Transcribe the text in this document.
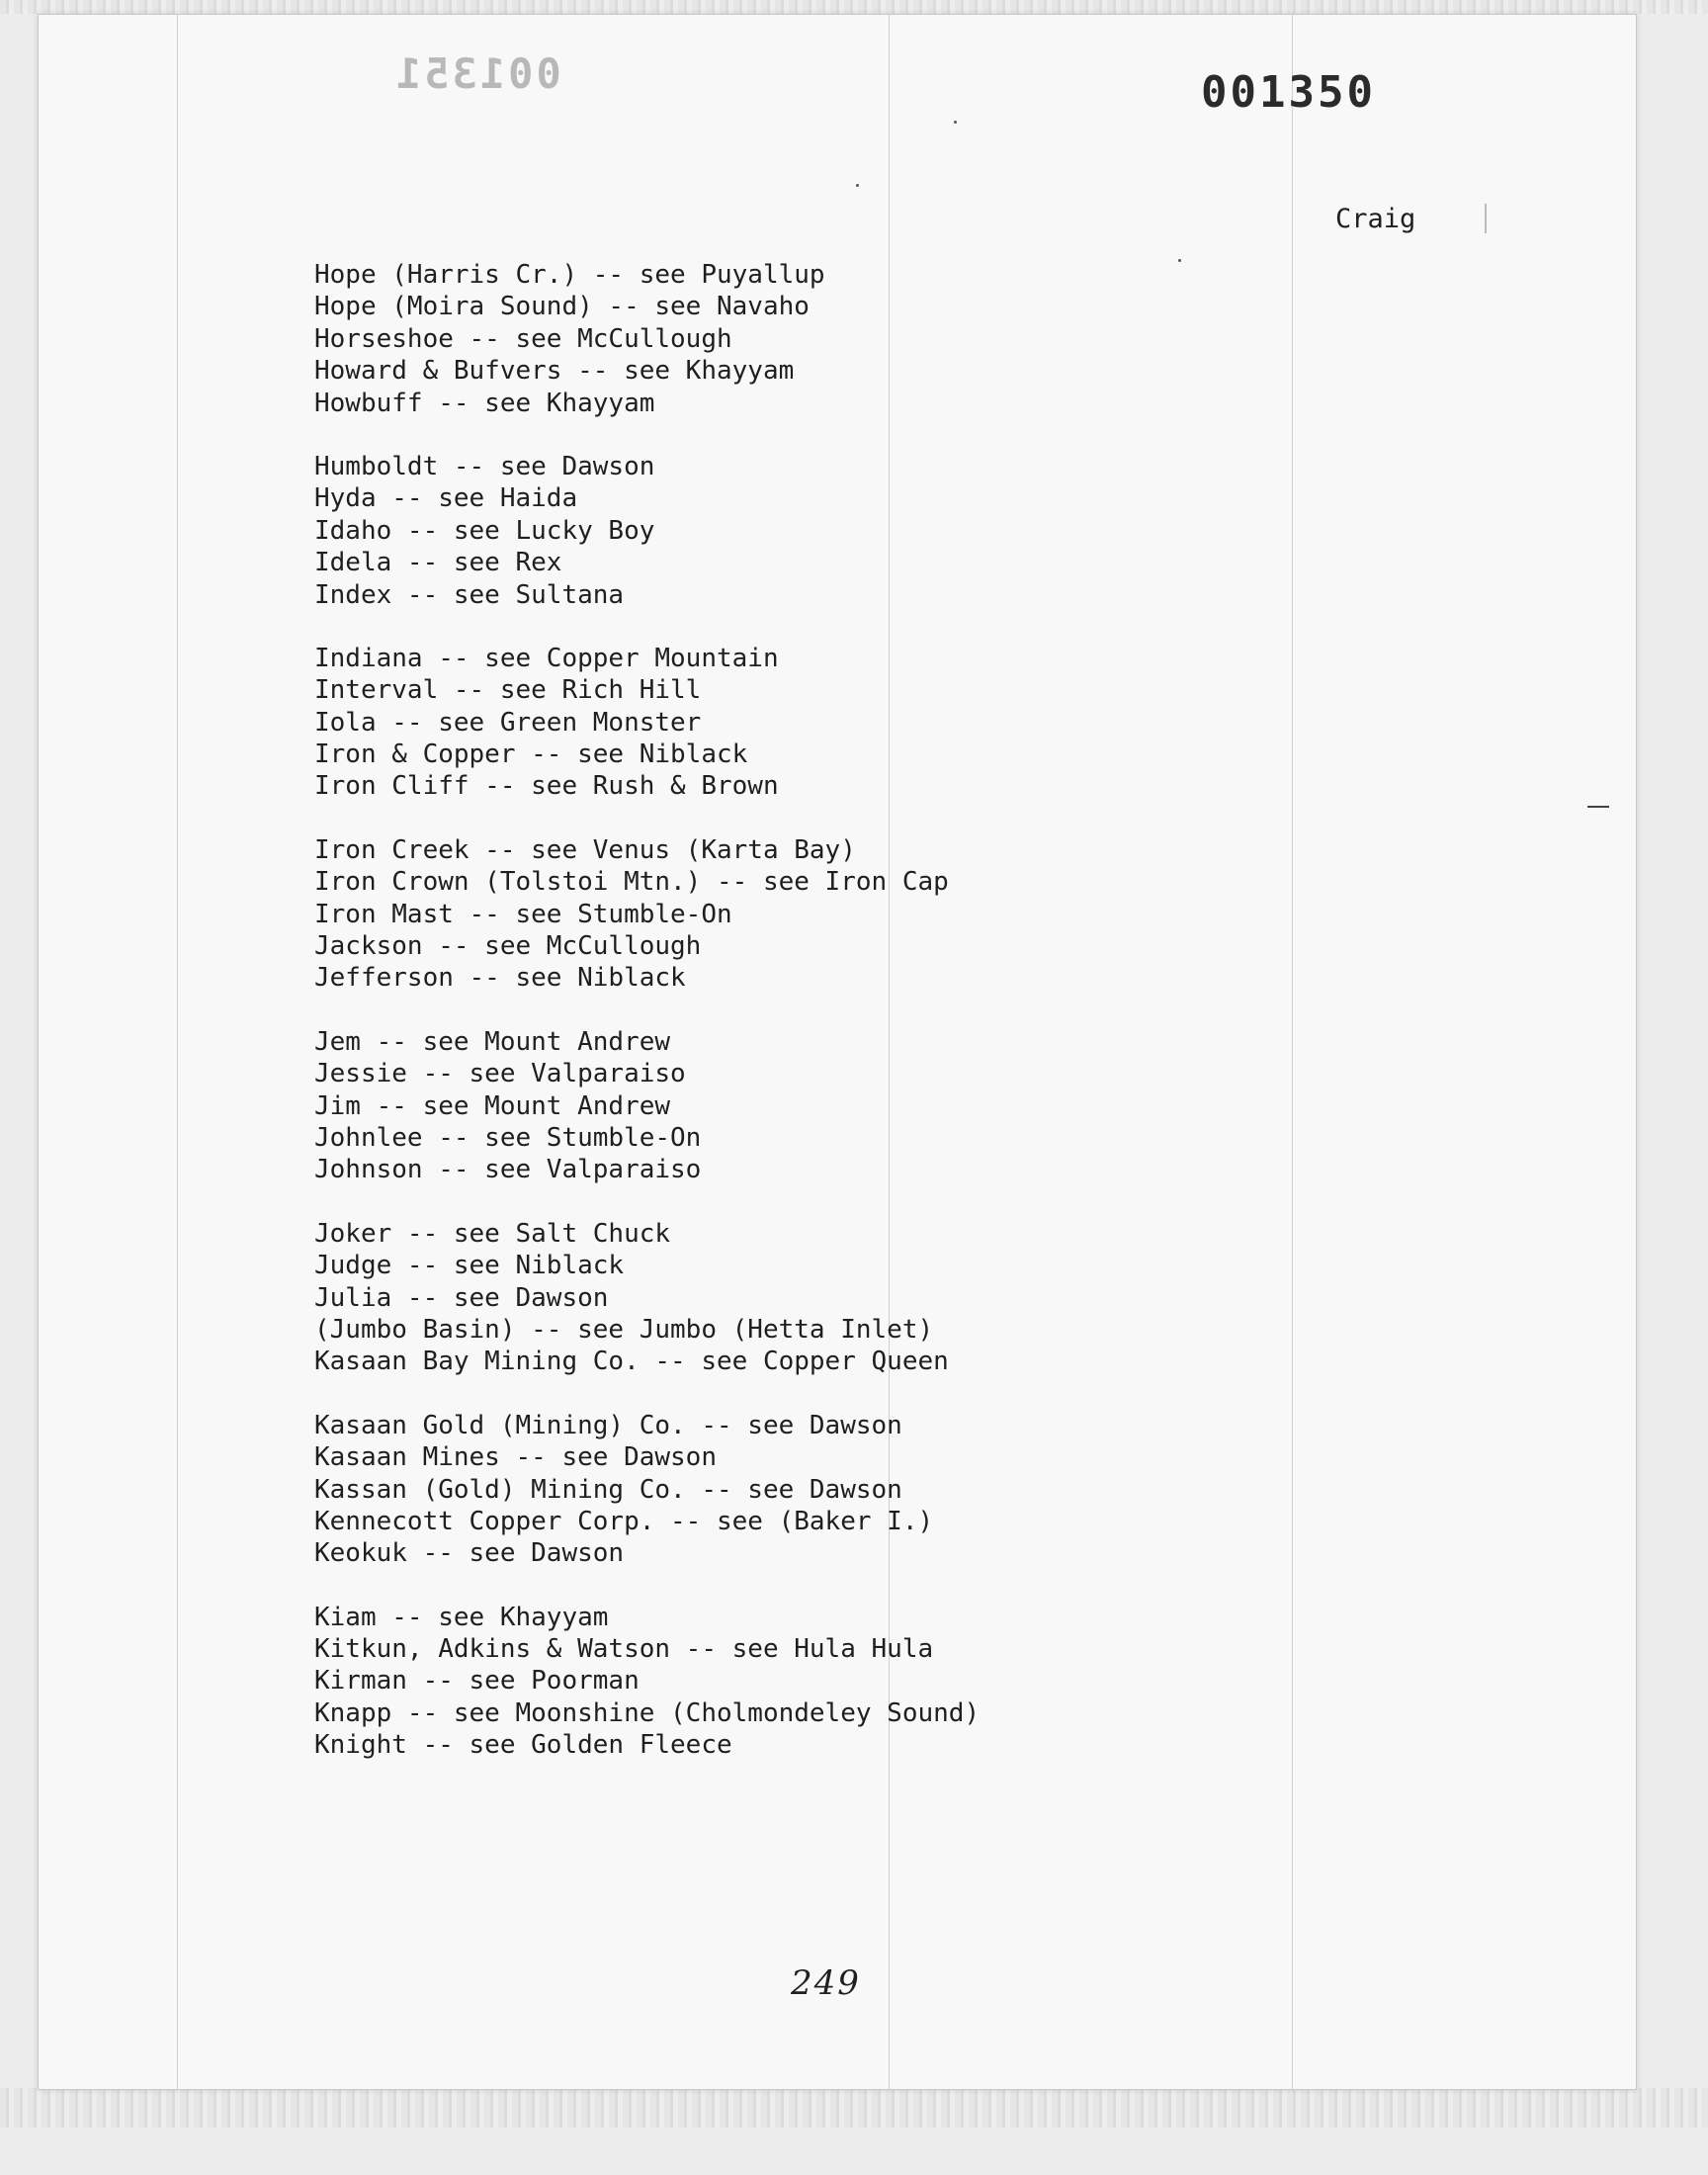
001351	001350
Craig
Hope (Harris Cr.) -- see Puyallup
Hope (Moira Sound) -- see Navaho
Horseshoe -- see McCullough
Howard & Bufvers -- see Khayyam
Howbuff -- see Khayyam
Humboldt -- see Dawson
Hyda -- see Haida
Idaho -- see Lucky Boy
Idela -- see Rex
Index -- see Sultana
Indiana -- see Copper Mountain
Interval -- see Rich Hill
Iola -- see Green Monster
Iron & Copper -- see Niblack
Iron Cliff -- see Rush & Brown
Iron Creek -- see Venus (Karta Bay)
Iron Crown (Tolstoi Mtn.) -- see Iron Cap
Iron Mast -- see Stumble-On
Jackson -- see McCullough
Jefferson -- see Niblack
Jem -- see Mount Andrew
Jessie -- see Valparaiso
Jim -- see Mount Andrew
Johnlee -- see Stumble-On
Johnson -- see Valparaiso
Joker -- see Salt Chuck
Judge -- see Niblack
Julia -- see Dawson
(Jumbo Basin) -- see Jumbo (Hetta Inlet)
Kasaan Bay Mining Co. -- see Copper Queen
Kasaan Gold (Mining) Co. -- see Dawson
Kasaan Mines -- see Dawson
Kassan (Gold) Mining Co. -- see Dawson
Kennecott Copper Corp. -- see (Baker I.)
Keokuk -- see Dawson
Kiam -- see Khayyam
Kitkun, Adkins & Watson -- see Hula Hula
Kirman -- see Poorman
Knapp -- see Moonshine (Cholmondeley Sound)
Knight -- see Golden Fleece
249
